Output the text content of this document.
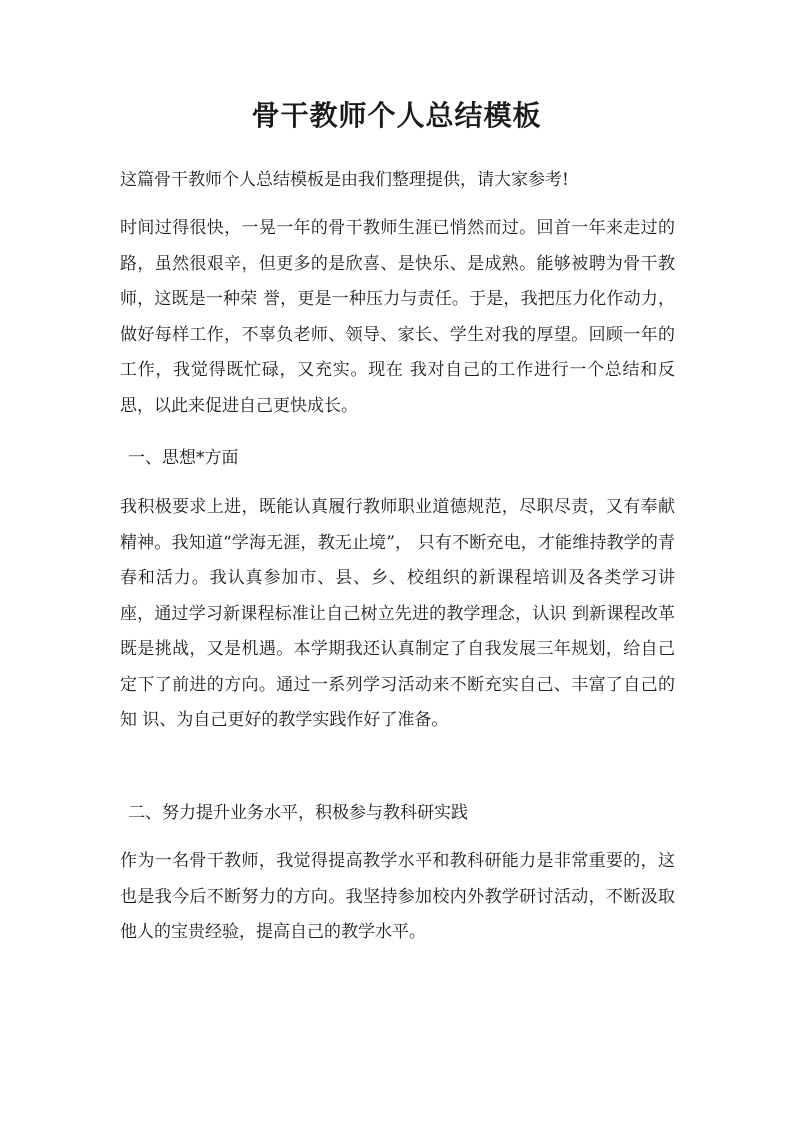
骨干教师个人总结模板

这篇骨干教师个人总结模板是由我们整理提供，请大家参考!

时间过得很快，一晃一年的骨干教师生涯已悄然而过。回首一年来走过的路，虽然很艰辛，但更多的是欣喜、是快乐、是成熟。能够被聘为骨干教师，这既是一种荣 誉，更是一种压力与责任。于是，我把压力化作动力，做好每样工作，不辜负老师、领导、家长、学生对我的厚望。回顾一年的工作，我觉得既忙碌，又充实。现在 我对自己的工作进行一个总结和反思，以此来促进自己更快成长。

一、思想*方面

我积极要求上进，既能认真履行教师职业道德规范，尽职尽责，又有奉献精神。我知道“学海无涯，教无止境”， 只有不断充电，才能维持教学的青春和活力。我认真参加市、县、乡、校组织的新课程培训及各类学习讲座，通过学习新课程标准让自己树立先进的教学理念，认识 到新课程改革既是挑战，又是机遇。本学期我还认真制定了自我发展三年规划，给自己定下了前进的方向。通过一系列学习活动来不断充实自己、丰富了自己的知 识、为自己更好的教学实践作好了准备。

二、努力提升业务水平，积极参与教科研实践

作为一名骨干教师，我觉得提高教学水平和教科研能力是非常重要的，这也是我今后不断努力的方向。我坚持参加校内外教学研讨活动，不断汲取他人的宝贵经验，提高自己的教学水平。
